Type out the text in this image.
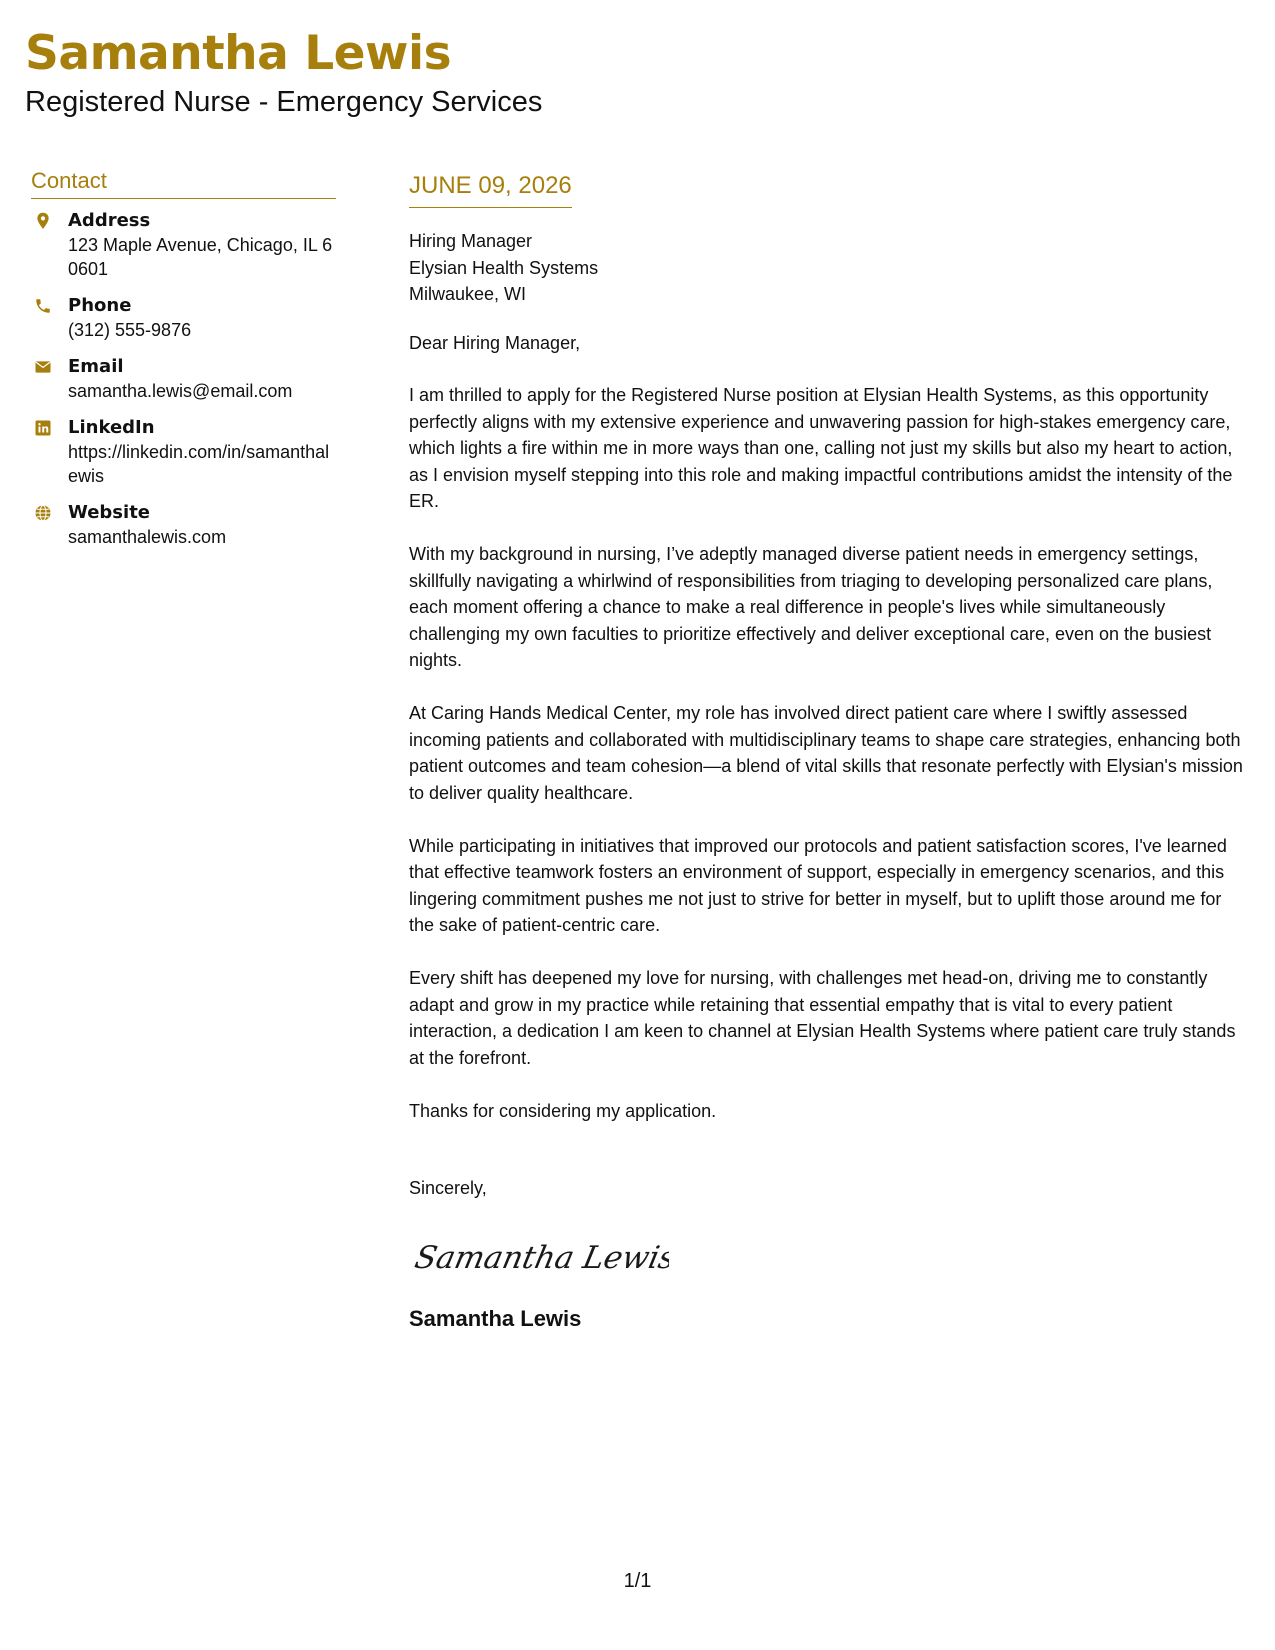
Samantha Lewis
Registered Nurse - Emergency Services
Contact
Address
123 Maple Avenue, Chicago, IL 60601
Phone
(312) 555-9876
Email
samantha.lewis@email.com
LinkedIn
https://linkedin.com/in/samanthalewis
Website
samanthalewis.com
JUNE 09, 2026
Hiring Manager
Elysian Health Systems
Milwaukee, WI
Dear Hiring Manager,

I am thrilled to apply for the Registered Nurse position at Elysian Health Systems, as this opportunity perfectly aligns with my extensive experience and unwavering passion for high-stakes emergency care, which lights a fire within me in more ways than one, calling not just my skills but also my heart to action, as I envision myself stepping into this role and making impactful contributions amidst the intensity of the ER.

With my background in nursing, I’ve adeptly managed diverse patient needs in emergency settings, skillfully navigating a whirlwind of responsibilities from triaging to developing personalized care plans, each moment offering a chance to make a real difference in people's lives while simultaneously challenging my own faculties to prioritize effectively and deliver exceptional care, even on the busiest nights.

At Caring Hands Medical Center, my role has involved direct patient care where I swiftly assessed incoming patients and collaborated with multidisciplinary teams to shape care strategies, enhancing both patient outcomes and team cohesion—a blend of vital skills that resonate perfectly with Elysian's mission to deliver quality healthcare.

While participating in initiatives that improved our protocols and patient satisfaction scores, I've learned that effective teamwork fosters an environment of support, especially in emergency scenarios, and this lingering commitment pushes me not just to strive for better in myself, but to uplift those around me for the sake of patient-centric care.

Every shift has deepened my love for nursing, with challenges met head-on, driving me to constantly adapt and grow in my practice while retaining that essential empathy that is vital to every patient interaction, a dedication I am keen to channel at Elysian Health Systems where patient care truly stands at the forefront.

Thanks for considering my application.

Sincerely,
Samantha Lewis
Samantha Lewis
1/1
